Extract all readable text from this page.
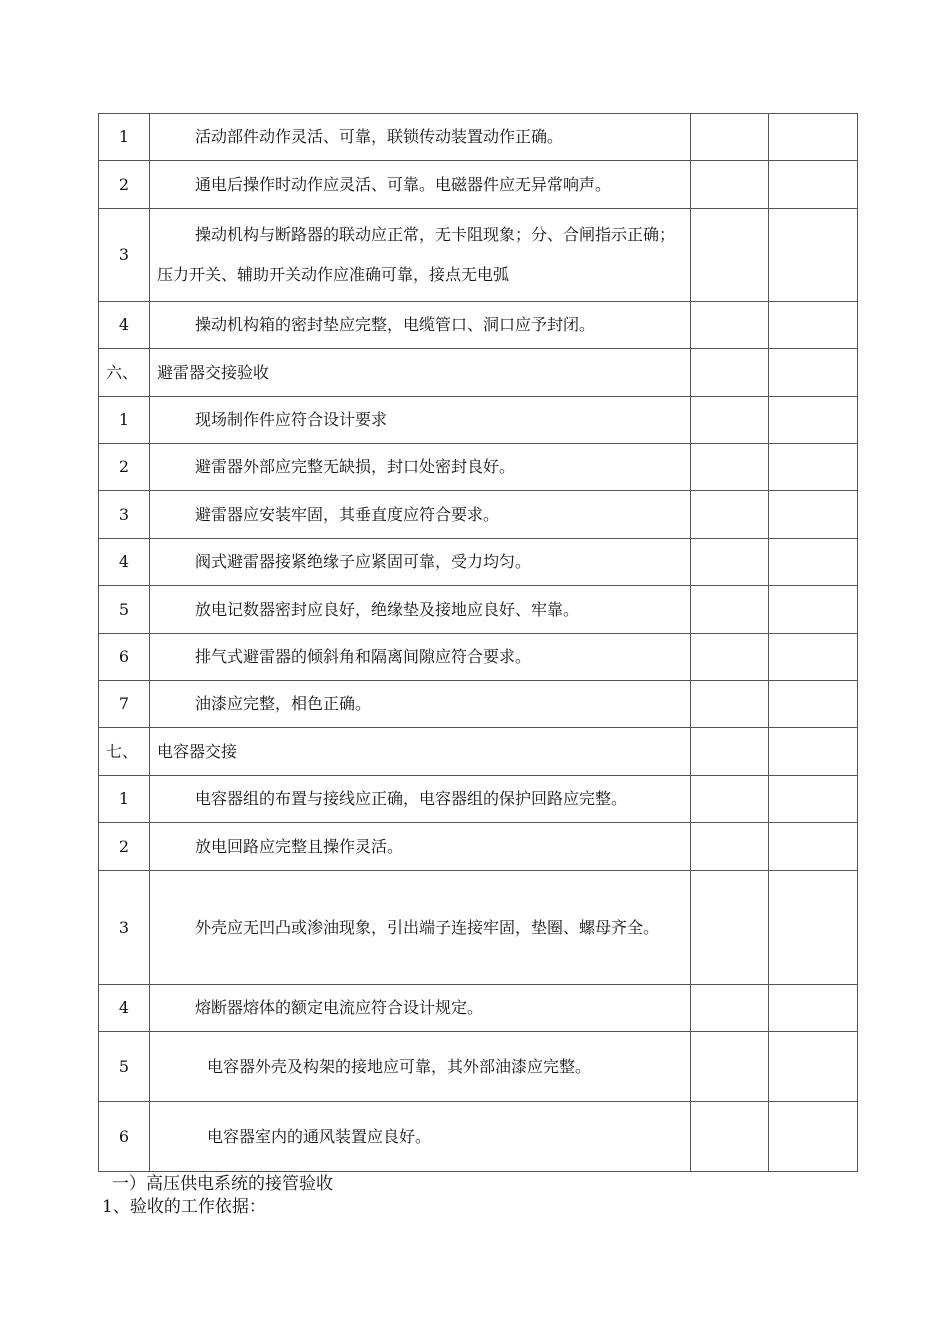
1	活动部件动作灵活、可靠，联锁传动装置动作正确。		

2	通电后操作时动作应灵活、可靠。电磁器件应无异常响声。		

3	操动机构与断路器的联动应正常，无卡阻现象；分、合闸指示正确；压力开关、辅助开关动作应准确可靠，接点无电弧		

4	操动机构箱的密封垫应完整，电缆管口、洞口应予封闭。		

六、	避雷器交接验收		
1	现场制作件应符合设计要求		

2	避雷器外部应完整无缺损，封口处密封良好。		

3	避雷器应安装牢固，其垂直度应符合要求。		

4	阀式避雷器接紧绝缘子应紧固可靠，受力均匀。		

5	放电记数器密封应良好，绝缘垫及接地应良好、牢靠。		

6	排气式避雷器的倾斜角和隔离间隙应符合要求。		

7	油漆应完整，相色正确。		

七、	电容器交接		
1	电容器组的布置与接线应正确，电容器组的保护回路应完整。		

2	放电回路应完整且操作灵活。		

3	外壳应无凹凸或渗油现象，引出端子连接牢固，垫圈、螺母齐全。		

4	熔断器熔体的额定电流应符合设计规定。		

5	电容器外壳及构架的接地应可靠，其外部油漆应完整。		

6	电容器室内的通风装置应良好。		

一）高压供电系统的接管验收
1、验收的工作依据：
